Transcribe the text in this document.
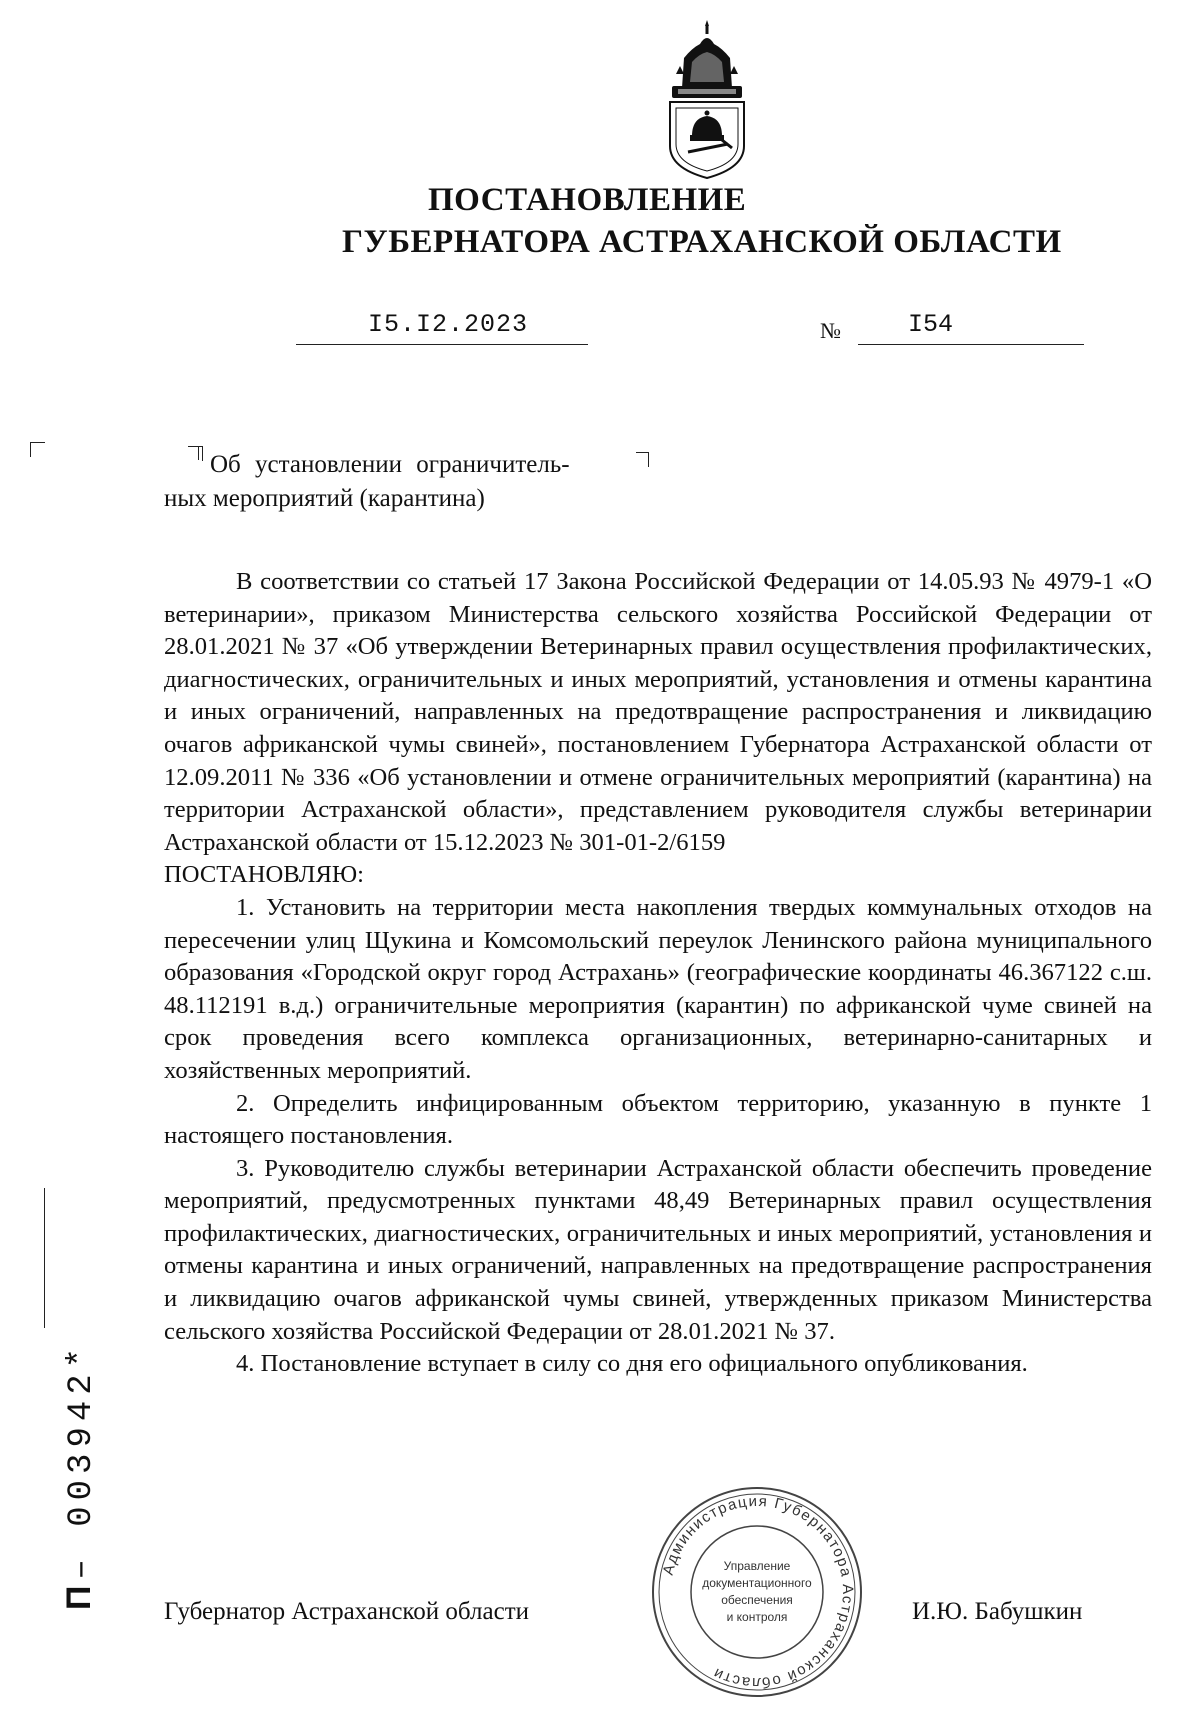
ПОСТАНОВЛЕНИЕ
ГУБЕРНАТОРА АСТРАХАНСКОЙ ОБЛАСТИ
I5.I2.2023	№	I54
Об установлении ограничитель-
ных мероприятий (карантина)

В соответствии со статьей 17 Закона Российской Федерации от 14.05.93 № 4979-1 «О ветеринарии», приказом Министерства сельского хозяйства Российской Федерации от 28.01.2021 № 37 «Об утверждении Ветеринарных правил осуществления профилактических, диагностических, ограничительных и иных мероприятий, установления и отмены карантина и иных ограничений, направленных на предотвращение распространения и ликвидацию очагов африканской чумы свиней», постановлением Губернатора Астраханской области от 12.09.2011 № 336 «Об установлении и отмене ограничительных мероприятий (карантина) на территории Астраханской области», представлением руководителя службы ветеринарии Астраханской области от 15.12.2023 № 301-01-2/6159

ПОСТАНОВЛЯЮ:

1. Установить на территории места накопления твердых коммунальных отходов на пересечении улиц Щукина и Комсомольский переулок Ленинского района муниципального образования «Городской округ город Астрахань» (географические координаты 46.367122 с.ш. 48.112191 в.д.) ограничительные мероприятия (карантин) по африканской чуме свиней на срок проведения всего комплекса организационных, ветеринарно-санитарных и хозяйственных мероприятий.

2. Определить инфицированным объектом территорию, указанную в пункте 1 настоящего постановления.

3. Руководителю службы ветеринарии Астраханской области обеспечить проведение мероприятий, предусмотренных пунктами 48,49 Ветеринарных правил осуществления профилактических, диагностических, ограничительных и иных мероприятий, установления и отмены карантина и иных ограничений, направленных на предотвращение распространения и ликвидацию очагов африканской чумы свиней, утвержденных приказом Министерства сельского хозяйства Российской Федерации от 28.01.2021 № 37.

4. Постановление вступает в силу со дня его официального опубликования.

П– 003942*
Администрация Губернатора Астраханской области
Управление
документационного
обеспечения
и контроля
Губернатор Астраханской области	И.Ю. Бабушкин
